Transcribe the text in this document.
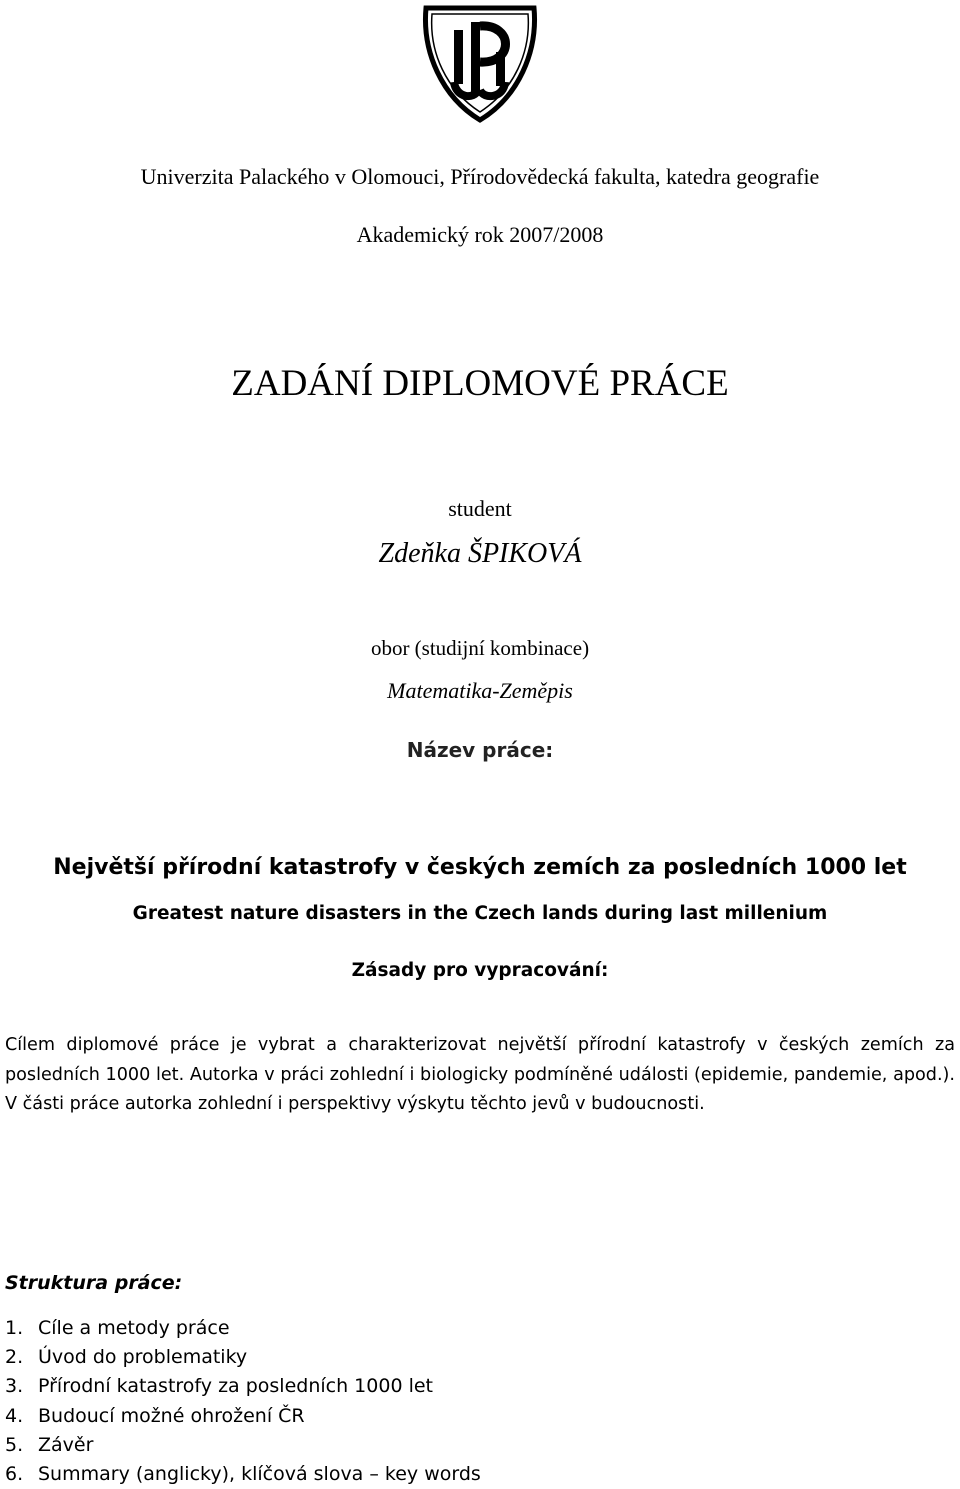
Univerzita Palackého v Olomouci, Přírodovědecká fakulta, katedra geografie
Akademický rok 2007/2008
ZADÁNÍ DIPLOMOVÉ PRÁCE
student
Zdeňka ŠPIKOVÁ
obor (studijní kombinace)
Matematika-Zeměpis
Název práce:
Největší přírodní katastrofy v českých zemích za posledních 1000 let
Greatest nature disasters in the Czech lands during last millenium
Zásady pro vypracování:
Cílem diplomové práce je vybrat a charakterizovat největší přírodní katastrofy v českých zemích za posledních 1000 let. Autorka v práci zohlední i biologicky podmíněné události (epidemie, pandemie, apod.). V části práce autorka zohlední i perspektivy výskytu těchto jevů v budoucnosti.
Struktura práce:
1. Cíle a metody práce
2. Úvod do problematiky
3. Přírodní katastrofy za posledních 1000 let
4. Budoucí možné ohrožení ČR
5. Závěr
6. Summary (anglicky), klíčová slova – key words
